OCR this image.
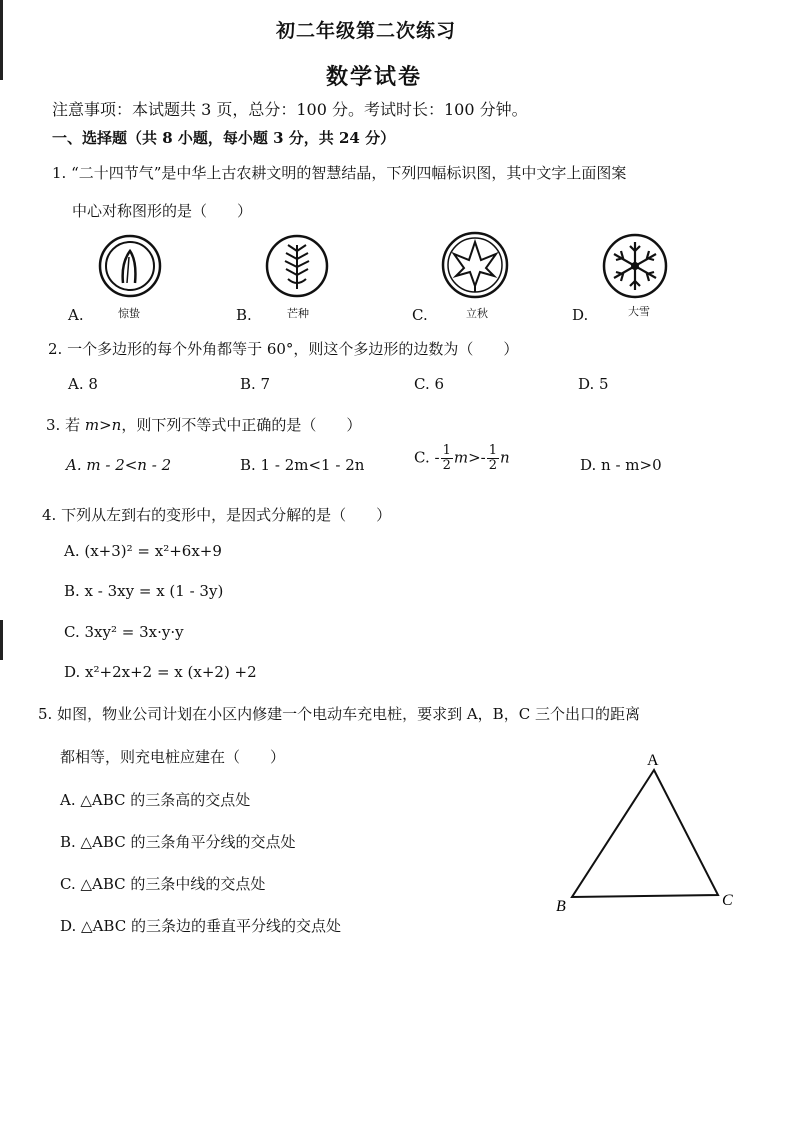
初二年级第二次练习
数学试卷
注意事项：本试题共 3 页，总分：100 分。考试时长：100 分钟。
一、选择题（共 8 小题，每小题 3 分，共 24 分）
1. “二十四节气”是中华上古农耕文明的智慧结晶，下列四幅标识图，其中文字上面图案
中心对称图形的是（　　）
A.	惊蛰	B.	芒种	C.	立秋	D.	大雪
2. 一个多边形的每个外角都等于 60°，则这个多边形的边数为（　　）
A. 8	B. 7	C. 6	D. 5
3. 若 m>n，则下列不等式中正确的是（　　）
A. m - 2<n - 2	B. 1 - 2m<1 - 2n	C. - $\frac{1}{2} m>- \frac{1}{2}$ n	D. n - m>0
4. 下列从左到右的变形中，是因式分解的是（　　）
A. (x+3)² = x²+6x+9
B. x - 3xy = x (1 - 3y)
C. 3xy² = 3x·y·y
D. x²+2x+2 = x (x+2) +2
5. 如图，物业公司计划在小区内修建一个电动车充电桩，要求到 A，B，C 三个出口的距离
都相等，则充电桩应建在（　　）
A. △ABC 的三条高的交点处
B. △ABC 的三条角平分线的交点处
C. △ABC 的三条中线的交点处
D. △ABC 的三条边的垂直平分线的交点处
A
B	C
